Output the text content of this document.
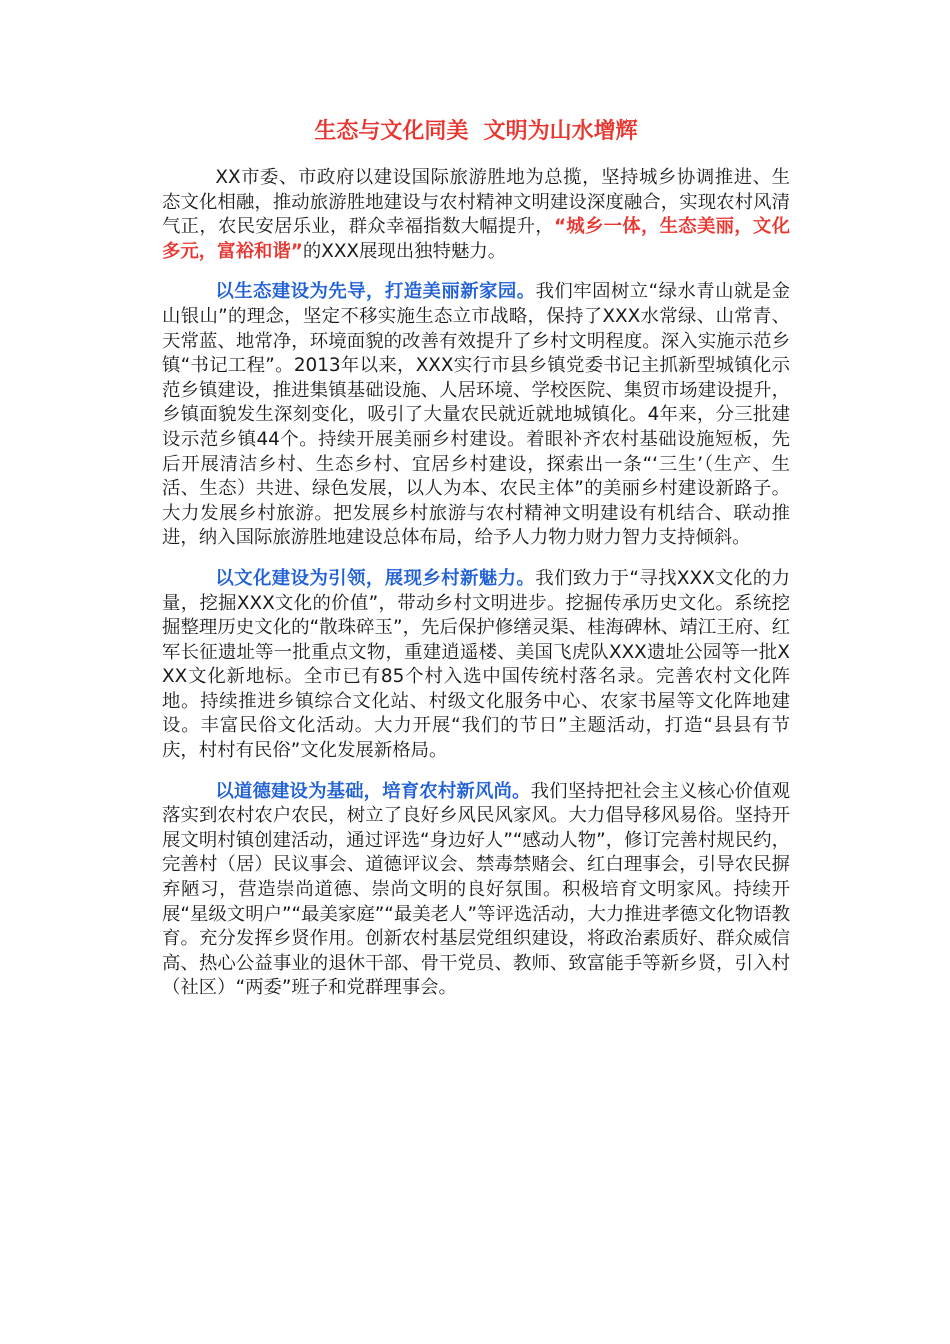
生态与文化同美  文明为山水增辉

XX市委、市政府以建设国际旅游胜地为总揽，坚持城乡协调推进、生态文化相融，推动旅游胜地建设与农村精神文明建设深度融合，实现农村风清气正，农民安居乐业，群众幸福指数大幅提升，“城乡一体，生态美丽，文化多元，富裕和谐”的XXX展现出独特魅力。

以生态建设为先导，打造美丽新家园。我们牢固树立“绿水青山就是金山银山”的理念，坚定不移实施生态立市战略，保持了XXX水常绿、山常青、天常蓝、地常净，环境面貌的改善有效提升了乡村文明程度。深入实施示范乡镇“书记工程”。2013年以来，XXX实行市县乡镇党委书记主抓新型城镇化示范乡镇建设，推进集镇基础设施、人居环境、学校医院、集贸市场建设提升，乡镇面貌发生深刻变化，吸引了大量农民就近就地城镇化。4年来，分三批建设示范乡镇44个。持续开展美丽乡村建设。着眼补齐农村基础设施短板，先后开展清洁乡村、生态乡村、宜居乡村建设，探索出一条“‘三生’（生产、生活、生态）共进、绿色发展，以人为本、农民主体”的美丽乡村建设新路子。大力发展乡村旅游。把发展乡村旅游与农村精神文明建设有机结合、联动推进，纳入国际旅游胜地建设总体布局，给予人力物力财力智力支持倾斜。

以文化建设为引领，展现乡村新魅力。我们致力于“寻找XXX文化的力量，挖掘XXX文化的价值”，带动乡村文明进步。挖掘传承历史文化。系统挖掘整理历史文化的“散珠碎玉”，先后保护修缮灵渠、桂海碑林、靖江王府、红军长征遗址等一批重点文物，重建逍遥楼、美国飞虎队XXX遗址公园等一批XXX文化新地标。全市已有85个村入选中国传统村落名录。完善农村文化阵地。持续推进乡镇综合文化站、村级文化服务中心、农家书屋等文化阵地建设。丰富民俗文化活动。大力开展“我们的节日”主题活动，打造“县县有节庆，村村有民俗”文化发展新格局。

以道德建设为基础，培育农村新风尚。我们坚持把社会主义核心价值观落实到农村农户农民，树立了良好乡风民风家风。大力倡导移风易俗。坚持开展文明村镇创建活动，通过评选“身边好人”“感动人物”，修订完善村规民约，完善村（居）民议事会、道德评议会、禁毒禁赌会、红白理事会，引导农民摒弃陋习，营造崇尚道德、崇尚文明的良好氛围。积极培育文明家风。持续开展“星级文明户”“最美家庭”“最美老人”等评选活动，大力推进孝德文化物语教育。充分发挥乡贤作用。创新农村基层党组织建设，将政治素质好、群众威信高、热心公益事业的退休干部、骨干党员、教师、致富能手等新乡贤，引入村（社区）“两委”班子和党群理事会。
